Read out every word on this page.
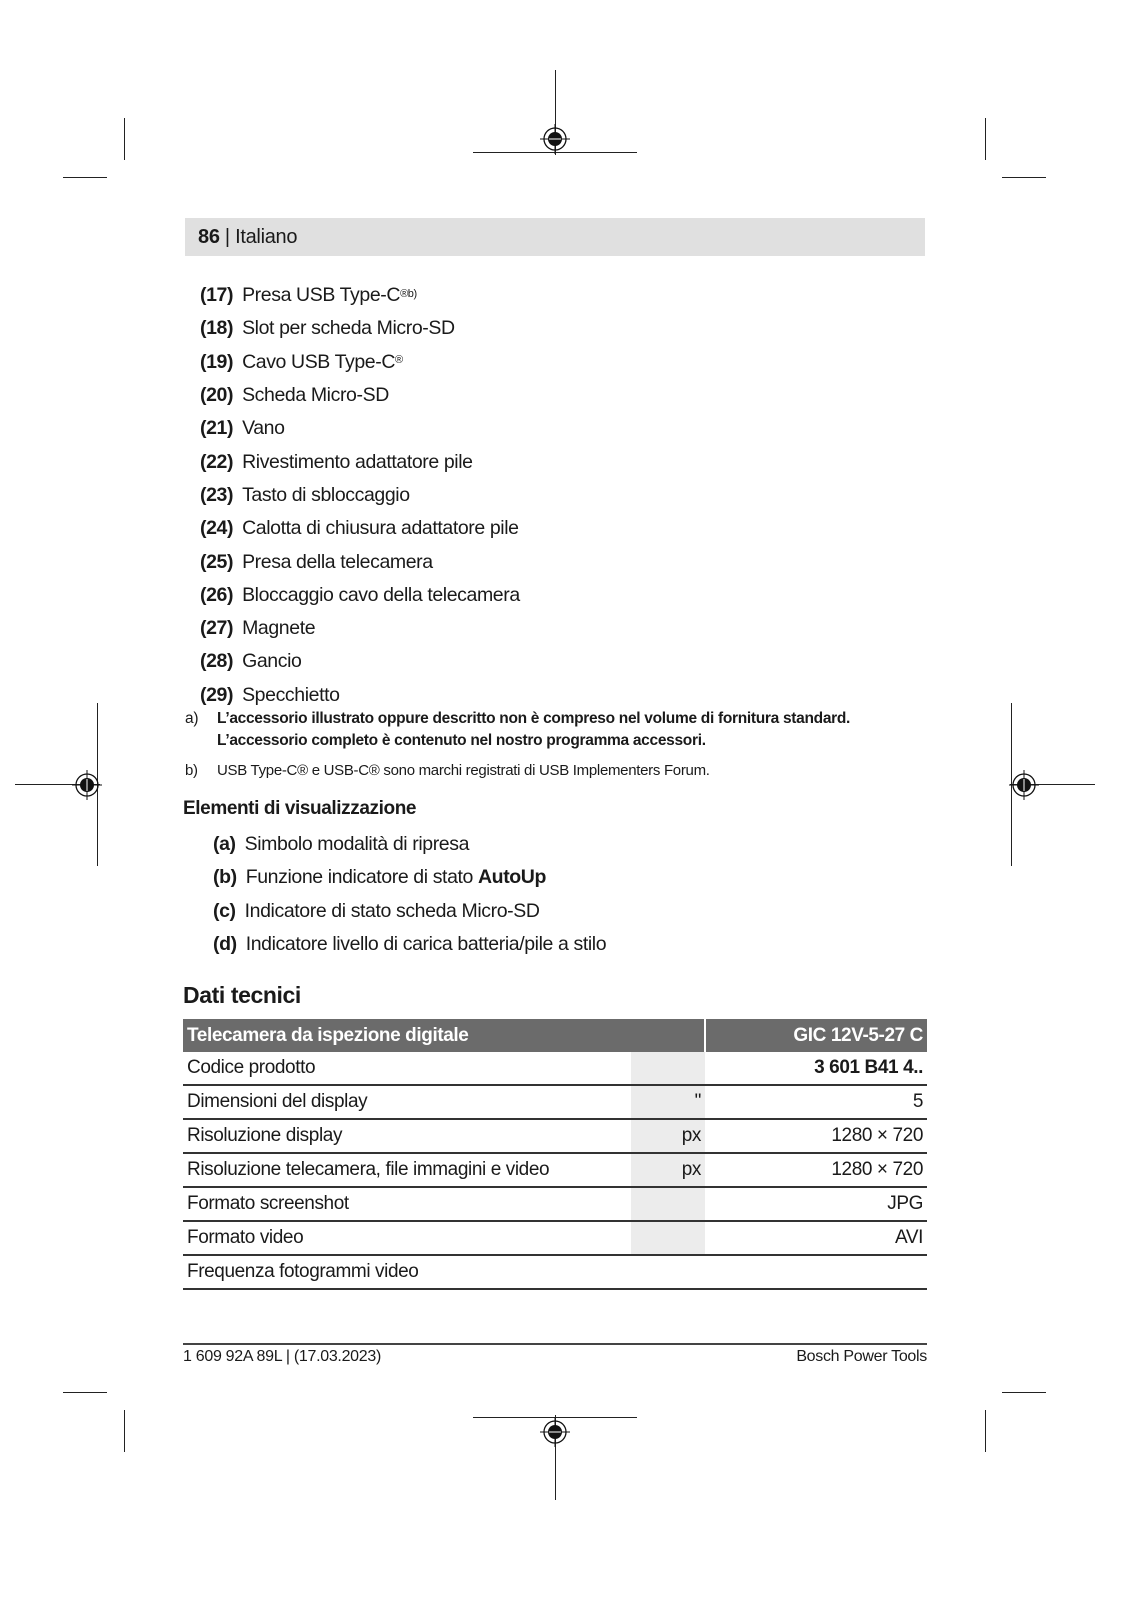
86 | Italiano
(17) Presa USB Type-$C^{®b)}$
(18) Slot per scheda Micro-SD
(19) Cavo USB Type-C®
(20) Scheda Micro-SD
(21) Vano
(22) Rivestimento adattatore pile
(23) Tasto di sbloccaggio
(24) Calotta di chiusura adattatore pile
(25) Presa della telecamera
(26) Bloccaggio cavo della telecamera
(27) Magnete
(28) Gancio
(29) Specchietto
a) L’accessorio illustrato oppure descritto non è compreso nel volume di fornitura standard.
L’accessorio completo è contenuto nel nostro programma accessori.
b) USB Type-C® e USB-C® sono marchi registrati di USB Implementers Forum.
Elementi di visualizzazione
(a) Simbolo modalità di ripresa
(b) Funzione indicatore di stato AutoUp
(c) Indicatore di stato scheda Micro-SD
(d) Indicatore livello di carica batteria/pile a stilo
Dati tecnici
Telecamera da ispezione digitale		GIC 12V-5-27 C
Codice prodotto		3 601 B41 4..
Dimensioni del display	"	5
Risoluzione display	px	1280 × 720
Risoluzione telecamera, file immagini e video	px	1280 × 720
Formato screenshot		JPG
Formato video		AVI
Frequenza fotogrammi video		
1 609 92A 89L | (17.03.2023)	Bosch Power Tools
